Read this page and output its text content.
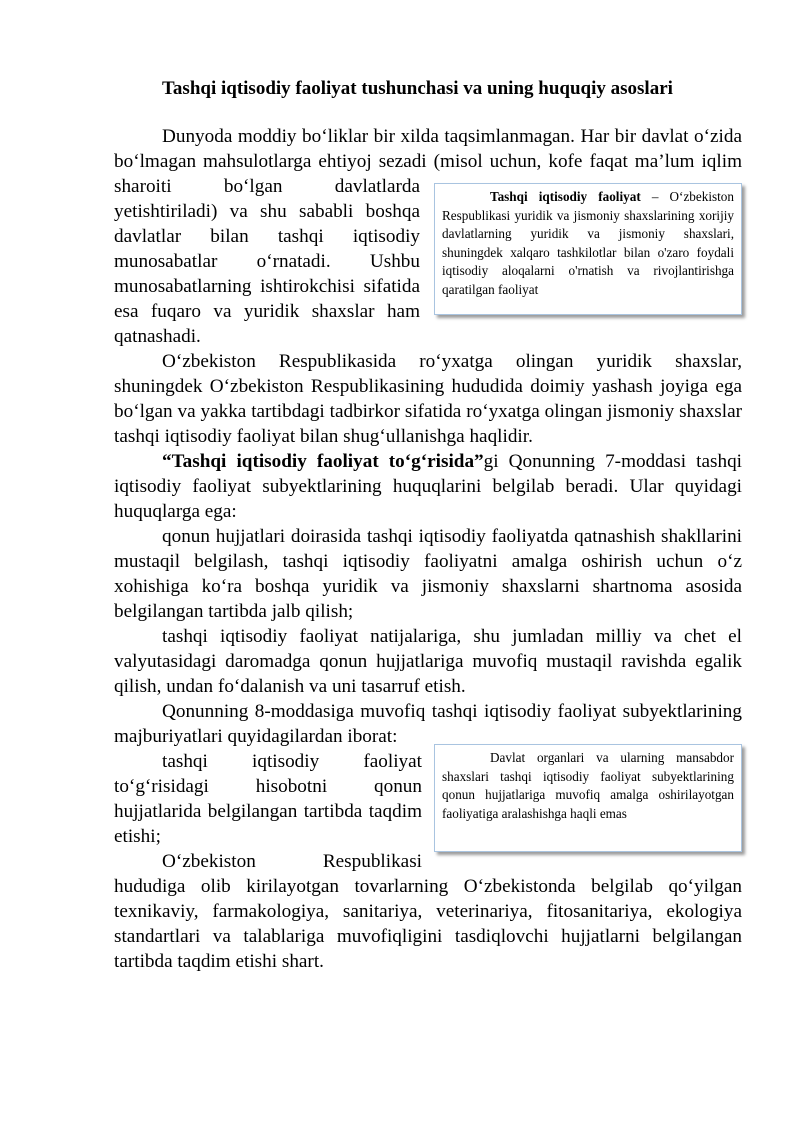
Tashqi iqtisodiy faoliyat tushunchasi va uning huquqiy asoslari

Dunyoda moddiy bo‘liklar bir xilda taqsimlanmagan. Har bir davlat o‘zida bo‘lmagan mahsulotlarga ehtiyoj sezadi (misol uchun, kofe
Tashqi iqtisodiy faoliyat – O‘zbekiston Respublikasi yuridik va jismoniy shaxslarining xorijiy davlatlarning yuridik va jismoniy shaxslari, shuningdek xalqaro tashkilotlar bilan o'zaro foydali iqtisodiy aloqalarni o'rnatish va rivojlantirishga qaratilgan faoliyat
faqat ma’lum iqlim sharoiti bo‘lgan davlatlarda yetishtiriladi) va shu sababli boshqa davlatlar bilan tashqi iqtisodiy munosabatlar o‘rnatadi. Ushbu munosabatlarning ishtirokchisi sifatida esa fuqaro va yuridik shaxslar ham qatnashadi.

O‘zbekiston Respublikasida ro‘yxatga olingan yuridik shaxslar, shuningdek O‘zbekiston Respublikasining hududida doimiy yashash joyiga ega bo‘lgan va yakka tartibdagi tadbirkor sifatida ro‘yxatga olingan jismoniy shaxslar tashqi iqtisodiy faoliyat bilan shug‘ullanishga haqlidir.

“Tashqi iqtisodiy faoliyat to‘g‘risida”gi Qonunning 7-moddasi tashqi iqtisodiy faoliyat subyektlarining huquqlarini belgilab beradi. Ular quyidagi huquqlarga ega:

qonun hujjatlari doirasida tashqi iqtisodiy faoliyatda qatnashish shakllarini mustaqil belgilash, tashqi iqtisodiy faoliyatni amalga oshirish uchun o‘z xohishiga ko‘ra boshqa yuridik va jismoniy shaxslarni shartnoma asosida belgilangan tartibda jalb qilish;

tashqi iqtisodiy faoliyat natijalariga, shu jumladan milliy va chet el valyutasidagi daromadga qonun hujjatlariga muvofiq mustaqil ravishda egalik qilish, undan fo‘dalanish va uni tasarruf etish.

Qonunning 8-moddasiga muvofiq tashqi iqtisodiy faoliyat
Davlat organlari va ularning mansabdor shaxslari tashqi iqtisodiy faoliyat subyektlarining qonun hujjatlariga muvofiq amalga oshirilayotgan faoliyatiga aralashishga haqli emas
subyektlarining majburiyatlari quyidagilardan iborat:

tashqi iqtisodiy faoliyat to‘g‘risidagi hisobotni qonun hujjatlarida belgilangan tartibda taqdim etishi;

O‘zbekiston Respublikasi hududiga olib kirilayotgan tovarlarning O‘zbekistonda belgilab qo‘yilgan texnikaviy, farmakologiya, sanitariya, veterinariya, fitosanitariya, ekologiya standartlari va talablariga muvofiqligini tasdiqlovchi hujjatlarni belgilangan tartibda taqdim etishi shart.
